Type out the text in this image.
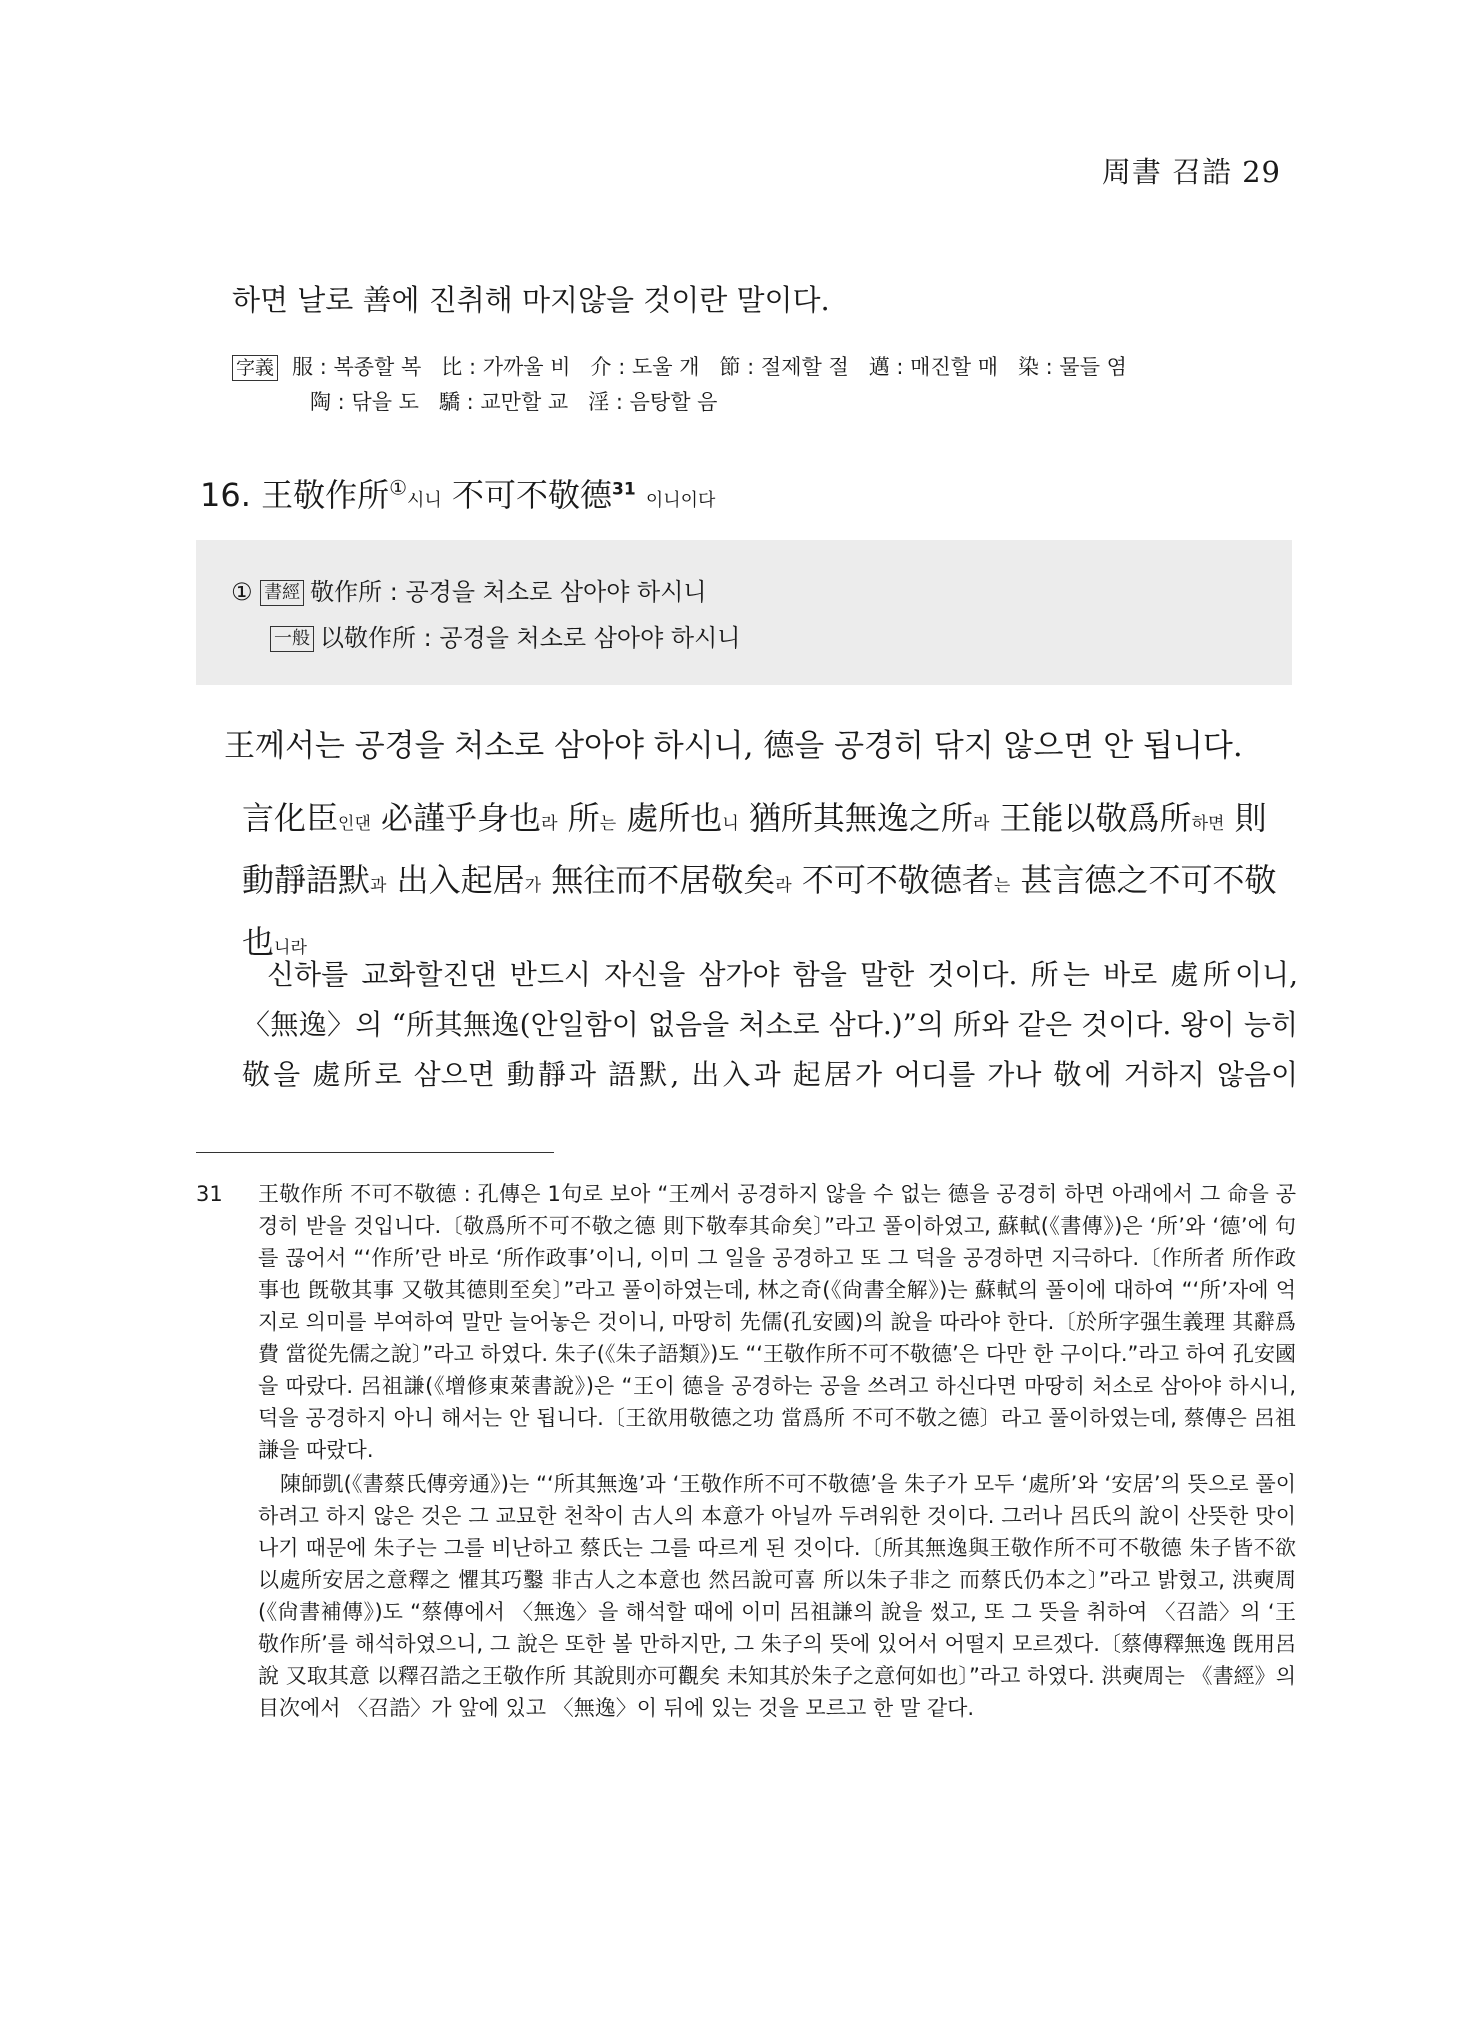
周書 召誥 29
하면 날로 善에 진취해 마지않을 것이란 말이다.
字義 服 : 복종할 복 比 : 가까울 비 介 : 도울 개 節 : 절제할 절 邁 : 매진할 매 染 : 물들 염
陶 : 닦을 도 驕 : 교만할 교 淫 : 음탕할 음
16. 王敬作所①시니 不可不敬德$^{31}$ 이니이다
① 書經 敬作所 : 공경을 처소로 삼아야 하시니
一般 以敬作所 : 공경을 처소로 삼아야 하시니
王께서는 공경을 처소로 삼아야 하시니, 德을 공경히 닦지 않으면 안 됩니다.
言化臣인댄 必謹乎身也라 所는 處所也니 猶所其無逸之所라 王能以敬爲所하면 則動靜語默과 出入起居가 無往而不居敬矣라 不可不敬德者는 甚言德之不可不敬也니라

신하를 교화할진댄 반드시 자신을 삼가야 함을 말한 것이다. 所는 바로 處所이니,

〈無逸〉의 “所其無逸(안일함이 없음을 처소로 삼다.)”의 所와 같은 것이다. 왕이 능히

敬을 處所로 삼으면 動靜과 語默, 出入과 起居가 어디를 가나 敬에 거하지 않음이

31 王敬作所 不可不敬德 : 孔傳은 1句로 보아 “王께서 공경하지 않을 수 없는 德을 공경히 하면 아래에서 그 命을 공경히 받을 것입니다.〔敬爲所不可不敬之德 則下敬奉其命矣〕”라고 풀이하였고, 蘇軾(《書傳》)은 ‘所’와 ‘德’에 句를 끊어서 “‘作所’란 바로 ‘所作政事’이니, 이미 그 일을 공경하고 또 그 덕을 공경하면 지극하다.〔作所者 所作政事也 旣敬其事 又敬其德則至矣〕”라고 풀이하였는데, 林之奇(《尙書全解》)는 蘇軾의 풀이에 대하여 “‘所’자에 억지로 의미를 부여하여 말만 늘어놓은 것이니, 마땅히 先儒(孔安國)의 說을 따라야 한다.〔於所字强生義理 其辭爲費 當從先儒之說〕”라고 하였다. 朱子(《朱子語類》)도 “‘王敬作所不可不敬德’은 다만 한 구이다.”라고 하여 孔安國을 따랐다. 呂祖謙(《增修東萊書說》)은 “王이 德을 공경하는 공을 쓰려고 하신다면 마땅히 처소로 삼아야 하시니, 덕을 공경하지 아니 해서는 안 됩니다.〔王欲用敬德之功 當爲所 不可不敬之德〕라고 풀이하였는데, 蔡傳은 呂祖謙을 따랐다.

陳師凱(《書蔡氏傳旁通》)는 “‘所其無逸’과 ‘王敬作所不可不敬德’을 朱子가 모두 ‘處所’와 ‘安居’의 뜻으로 풀이하려고 하지 않은 것은 그 교묘한 천착이 古人의 本意가 아닐까 두려워한 것이다. 그러나 呂氏의 說이 산뜻한 맛이 나기 때문에 朱子는 그를 비난하고 蔡氏는 그를 따르게 된 것이다.〔所其無逸與王敬作所不可不敬德 朱子皆不欲以處所安居之意釋之 懼其巧鑿 非古人之本意也 然呂說可喜 所以朱子非之 而蔡氏仍本之〕”라고 밝혔고, 洪奭周(《尙書補傳》)도 “蔡傳에서 〈無逸〉을 해석할 때에 이미 呂祖謙의 說을 썼고, 또 그 뜻을 취하여 〈召誥〉의 ‘王敬作所’를 해석하였으니, 그 說은 또한 볼 만하지만, 그 朱子의 뜻에 있어서 어떨지 모르겠다.〔蔡傳釋無逸 旣用呂說 又取其意 以釋召誥之王敬作所 其說則亦可觀矣 未知其於朱子之意何如也〕”라고 하였다. 洪奭周는 《書經》의 目次에서 〈召誥〉가 앞에 있고 〈無逸〉이 뒤에 있는 것을 모르고 한 말 같다.
